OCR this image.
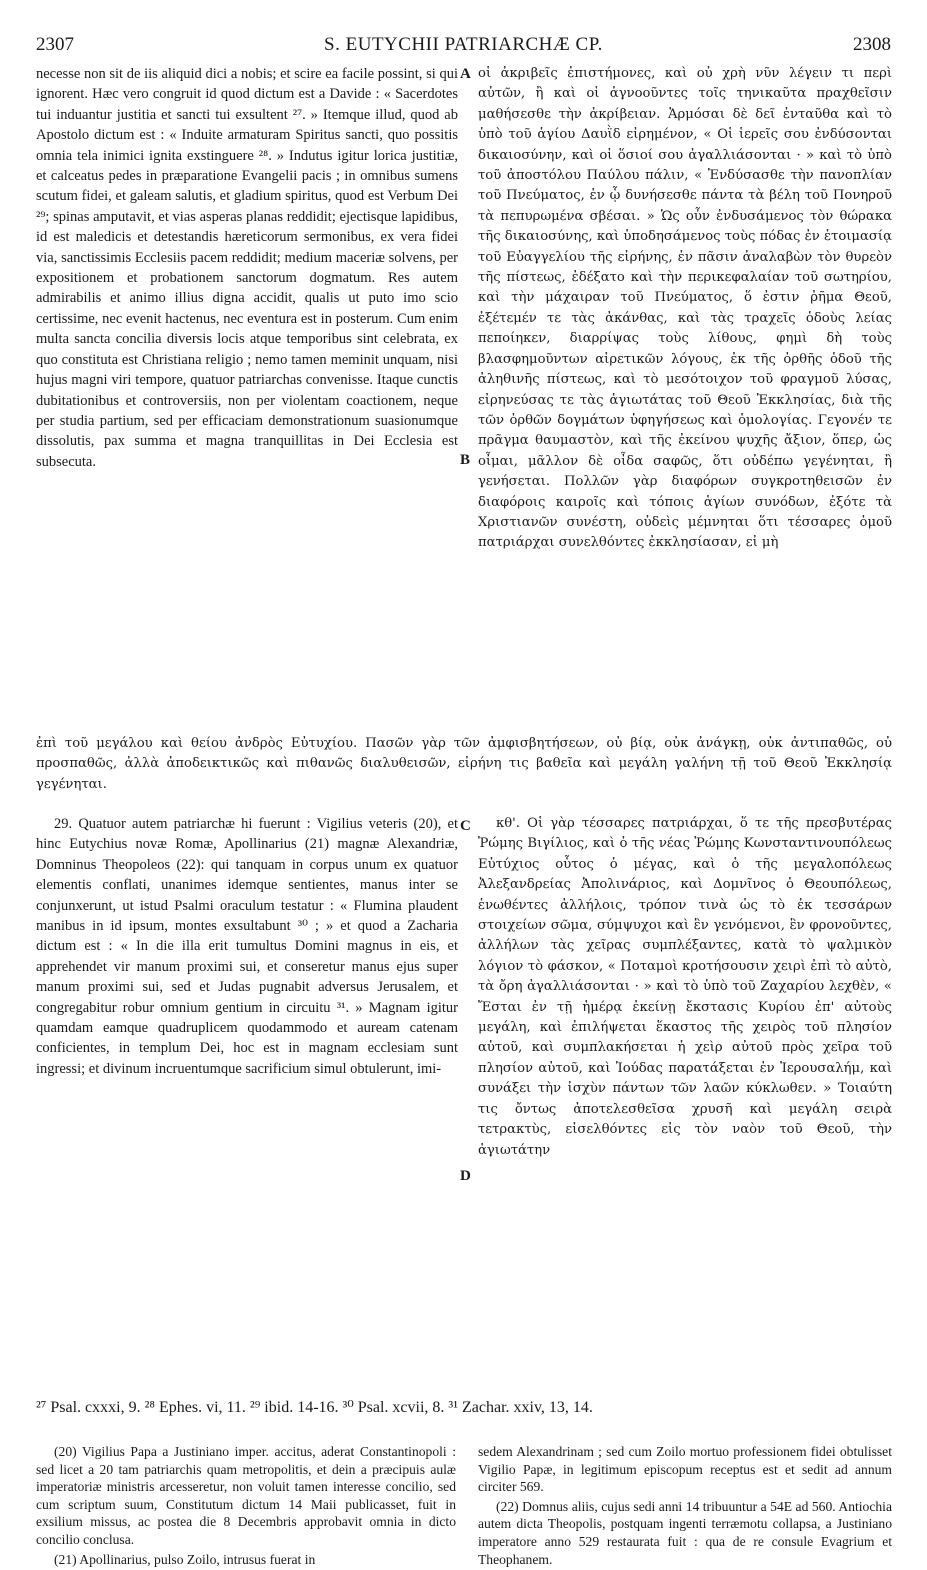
2307	S. EUTYCHII PATRIARCHÆ CP.	2308

necesse non sit de iis aliquid dici a nobis; et scire ea facile possint, si qui ignorent. Hæc vero congruit id quod dictum est a Davide : « Sacerdotes tui induantur justitia et sancti tui exsultent ²⁷. » Itemque illud, quod ab Apostolo dictum est : « Induite armaturam Spiritus sancti, quo possitis omnia tela inimici ignita exstinguere ²⁸. » Indutus igitur lorica justitiæ, et calceatus pedes in præparatione Evangelii pacis ; in omnibus sumens scutum fidei, et galeam salutis, et gladium spiritus, quod est Verbum Dei ²⁹; spinas amputavit, et vias asperas planas reddidit; ejectisque lapidibus, id est maledicis et detestandis hæreticorum sermonibus, ex vera fidei via, sanctissimis Ecclesiis pacem reddidit; medium maceriæ solvens, per expositionem et probationem sanctorum dogmatum. Res autem admirabilis et animo illius digna accidit, qualis ut puto imo scio certissime, nec evenit hactenus, nec eventura est in posterum. Cum enim multa sancta concilia diversis locis atque temporibus sint celebrata, ex quo constituta est Christiana religio ; nemo tamen meminit unquam, nisi hujus magni viri tempore, quatuor patriarchas convenisse. Itaque cunctis dubitationibus et controversiis, non per violentam coactionem, neque per studia partium, sed per efficaciam demonstrationum suasionumque dissolutis, pax summa et magna tranquillitas in Dei Ecclesia est subsecuta.

οἱ ἀκριβεῖς ἐπιστήμονες, καὶ οὐ χρὴ νῦν λέγειν τι περὶ αὐτῶν, ἢ καὶ οἱ ἀγνοοῦντες τοῖς τηνικαῦτα πραχθεῖσιν μαθήσεσθε τὴν ἀκρίβειαν. Ἁρμόσαι δὲ δεῖ ἐνταῦθα καὶ τὸ ὑπὸ τοῦ ἁγίου Δαυῒδ εἰρημένον, « Οἱ ἱερεῖς σου ἐνδύσονται δικαιοσύνην, καὶ οἱ ὅσιοί σου ἀγαλλιάσονται · » καὶ τὸ ὑπὸ τοῦ ἀποστόλου Παύλου πάλιν, « Ἐνδύσασθε τὴν πανοπλίαν τοῦ Πνεύματος, ἐν ᾧ δυνήσεσθε πάντα τὰ βέλη τοῦ Πονηροῦ τὰ πεπυρωμένα σβέσαι. » Ὡς οὖν ἐνδυσάμενος τὸν θώρακα τῆς δικαιοσύνης, καὶ ὑποδησάμενος τοὺς πόδας ἐν ἑτοιμασίᾳ τοῦ Εὐαγγελίου τῆς εἰρήνης, ἐν πᾶσιν ἀναλαβὼν τὸν θυρεὸν τῆς πίστεως, ἐδέξατο καὶ τὴν περικεφαλαίαν τοῦ σωτηρίου, καὶ τὴν μάχαιραν τοῦ Πνεύματος, ὅ ἐστιν ῥῆμα Θεοῦ, ἐξέτεμέν τε τὰς ἀκάνθας, καὶ τὰς τραχεῖς ὁδοὺς λείας πεποίηκεν, διαρρίψας τοὺς λίθους, φημὶ δὴ τοὺς βλασφημοῦντων αἱρετικῶν λόγους, ἐκ τῆς ὀρθῆς ὁδοῦ τῆς ἀληθινῆς πίστεως, καὶ τὸ μεσότοιχον τοῦ φραγμοῦ λύσας, εἰρηνεύσας τε τὰς ἁγιωτάτας τοῦ Θεοῦ Ἐκκλησίας, διὰ τῆς τῶν ὀρθῶν δογμάτων ὑφηγήσεως καὶ ὁμολογίας. Γεγονέν τε πρᾶγμα θαυμαστὸν, καὶ τῆς ἐκείνου ψυχῆς ἄξιον, ὅπερ, ὡς οἶμαι, μᾶλλον δὲ οἶδα σαφῶς, ὅτι οὐδέπω γεγένηται, ἢ γενήσεται. Πολλῶν γὰρ διαφόρων συγκροτηθεισῶν ἐν διαφόροις καιροῖς καὶ τόποις ἁγίων συνόδων, ἐξότε τὰ Χριστιανῶν συνέστη, οὐδεὶς μέμνηται ὅτι τέσσαρες ὁμοῦ πατριάρχαι συνελθόντες ἐκκλησίασαν, εἰ μὴ

A
B
C
D

ἐπὶ τοῦ μεγάλου καὶ θείου ἀνδρὸς Εὐτυχίου. Πασῶν γὰρ τῶν ἀμφισβητήσεων, οὐ βίᾳ, οὐκ ἀνάγκῃ, οὐκ ἀντιπαθῶς, οὐ προσπαθῶς, ἀλλὰ ἀποδεικτικῶς καὶ πιθανῶς διαλυθεισῶν, εἰρήνη τις βαθεῖα καὶ μεγάλη γαλήνη τῇ τοῦ Θεοῦ Ἐκκλησίᾳ γεγένηται.

29. Quatuor autem patriarchæ hi fuerunt : Vigilius veteris (20), et hinc Eutychius novæ Romæ, Apollinarius (21) magnæ Alexandriæ, Domninus Theopoleos (22): qui tanquam in corpus unum ex quatuor elementis conflati, unanimes idemque sentientes, manus inter se conjunxerunt, ut istud Psalmi oraculum testatur : « Flumina plaudent manibus in id ipsum, montes exsultabunt ³⁰ ; » et quod a Zacharia dictum est : « In die illa erit tumultus Domini magnus in eis, et apprehendet vir manum proximi sui, et conseretur manus ejus super manum proximi sui, sed et Judas pugnabit adversus Jerusalem, et congregabitur robur omnium gentium in circuitu ³¹. » Magnam igitur quamdam eamque quadruplicem quodammodo et auream catenam conficientes, in templum Dei, hoc est in magnam ecclesiam sunt ingressi; et divinum incruentumque sacrificium simul obtulerunt, imi-

κθ'. Οἱ γὰρ τέσσαρες πατριάρχαι, ὅ τε τῆς πρεσβυτέρας Ῥώμης Βιγίλιος, καὶ ὁ τῆς νέας Ῥώμης Κωνσταντινουπόλεως Εὐτύχιος οὗτος ὁ μέγας, καὶ ὁ τῆς μεγαλοπόλεως Ἀλεξανδρείας Ἀπολινάριος, καὶ Δομνῖνος ὁ Θεουπόλεως, ἑνωθέντες ἀλλήλοις, τρόπον τινὰ ὡς τὸ ἐκ τεσσάρων στοιχείων σῶμα, σύμψυχοι καὶ ἓν γενόμενοι, ἓν φρονοῦντες, ἀλλήλων τὰς χεῖρας συμπλέξαντες, κατὰ τὸ ψαλμικὸν λόγιον τὸ φάσκον, « Ποταμοὶ κροτήσουσιν χειρὶ ἐπὶ τὸ αὐτὸ, τὰ ὄρη ἀγαλλιάσονται · » καὶ τὸ ὑπὸ τοῦ Ζαχαρίου λεχθὲν, « Ἔσται ἐν τῇ ἡμέρᾳ ἐκείνῃ ἔκστασις Κυρίου ἐπ' αὐτοὺς μεγάλη, καὶ ἐπιλήψεται ἕκαστος τῆς χειρὸς τοῦ πλησίον αὐτοῦ, καὶ συμπλακήσεται ἡ χεὶρ αὐτοῦ πρὸς χεῖρα τοῦ πλησίον αὐτοῦ, καὶ Ἰούδας παρατάξεται ἐν Ἱερουσαλήμ, καὶ συνάξει τὴν ἰσχὺν πάντων τῶν λαῶν κύκλωθεν. » Τοιαύτη τις ὄντως ἀποτελεσθεῖσα χρυσῆ καὶ μεγάλη σειρὰ τετρακτὺς, εἰσελθόντες εἰς τὸν ναὸν τοῦ Θεοῦ, τὴν ἁγιωτάτην

²⁷ Psal. cxxxi, 9. ²⁸ Ephes. vi, 11. ²⁹ ibid. 14-16. ³⁰ Psal. xcvii, 8. ³¹ Zachar. xxiv, 13, 14.

(20) Vigilius Papa a Justiniano imper. accitus, aderat Constantinopoli : sed licet a 20 tam patriarchis quam metropolitis, et dein a præcipuis aulæ imperatoriæ ministris arcesseretur, non voluit tamen interesse concilio, sed cum scriptum suum, Constitutum dictum 14 Maii publicasset, fuit in exsilium missus, ac postea die 8 Decembris approbavit omnia in dicto concilio conclusa.

(21) Apollinarius, pulso Zoilo, intrusus fuerat in

sedem Alexandrinam ; sed cum Zoilo mortuo professionem fidei obtulisset Vigilio Papæ, in legitimum episcopum receptus est et sedit ad annum circiter 569.

(22) Domnus aliis, cujus sedi anni 14 tribuuntur a 54E ad 560. Antiochia autem dicta Theopolis, postquam ingenti terræmotu collapsa, a Justiniano imperatore anno 529 restaurata fuit : qua de re consule Evagrium et Theophanem.
